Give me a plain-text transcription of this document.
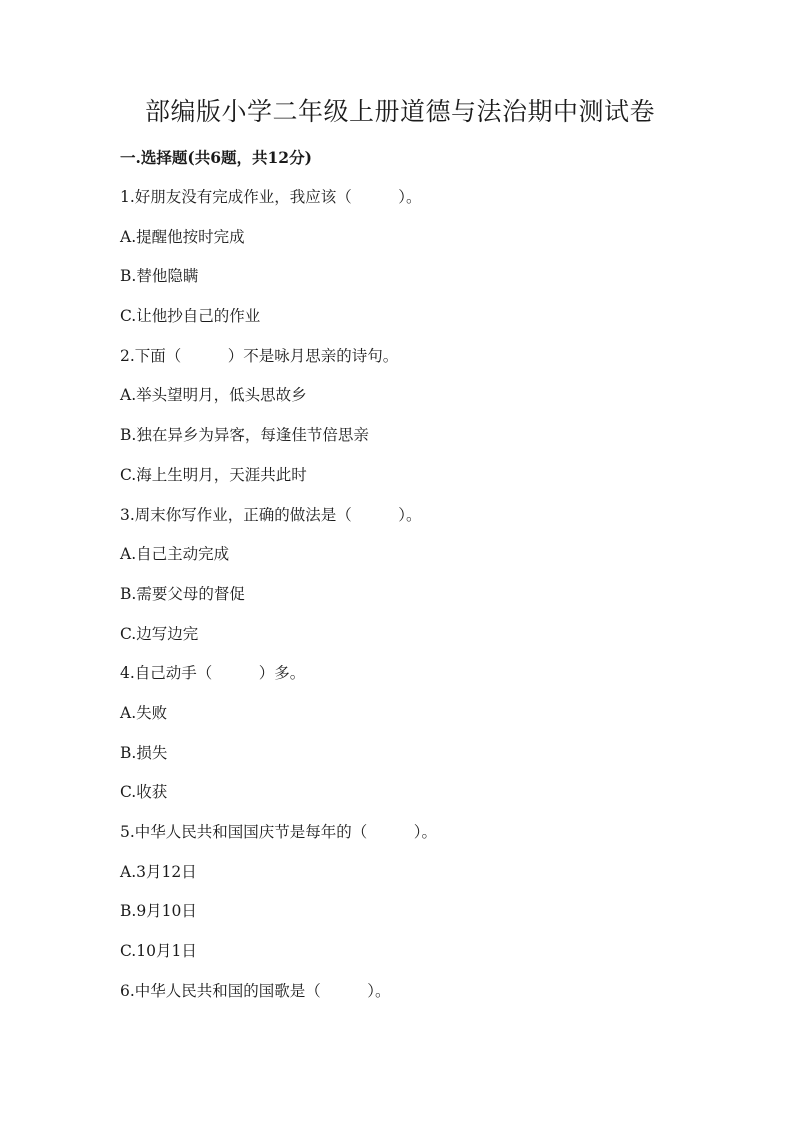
部编版小学二年级上册道德与法治期中测试卷
一.选择题(共6题，共12分)
1.好朋友没有完成作业，我应该（　　　）。
A.提醒他按时完成
B.替他隐瞒
C.让他抄自己的作业
2.下面（　　　）不是咏月思亲的诗句。
A.举头望明月，低头思故乡
B.独在异乡为异客，每逢佳节倍思亲
C.海上生明月，天涯共此时
3.周末你写作业，正确的做法是（　　　）。
A.自己主动完成
B.需要父母的督促
C.边写边完
4.自己动手（　　　）多。
A.失败
B.损失
C.收获
5.中华人民共和国国庆节是每年的（　　　）。
A.3月12日
B.9月10日
C.10月1日
6.中华人民共和国的国歌是（　　　）。
